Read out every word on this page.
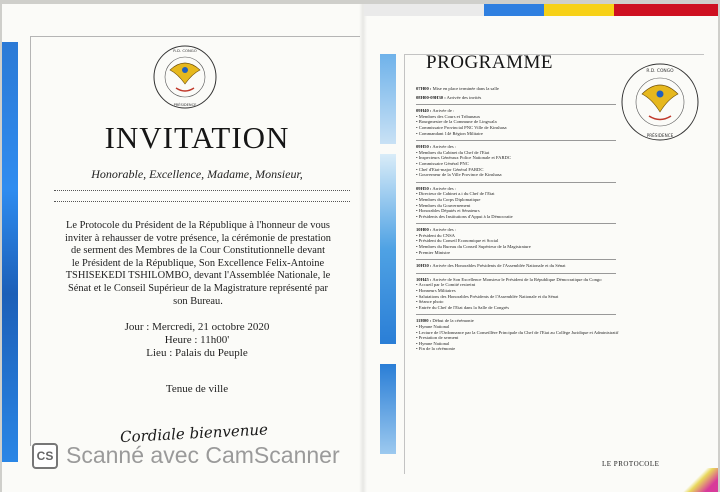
R.D. CONGO
PRÉSIDENCE
INVITATION
Honorable, Excellence, Madame, Monsieur,
Le Protocole du Président de la République à l'honneur de vous
inviter à rehausser de votre présence, la cérémonie de prestation
de serment des Membres de la Cour Constitutionnelle devant
le Président de la République, Son Excellence Felix-Antoine
TSHISEKEDI TSHILOMBO, devant l'Assemblée Nationale, le
Sénat et le Conseil Supérieur de la Magistrature représenté par
son Bureau.
Jour : Mercredi, 21 octobre 2020
Heure : 11h00'
Lieu : Palais du Peuple
Tenue de ville
Cordiale bienvenue
PROGRAMME	R.D. CONGO
PRÉSIDENCE
07H00 : Mise en place terminée dans la salle
08H00-09H30 : Arrivée des invités
09H40 : Arrivée de :
• Membres des Cours et Tribunaux
• Bourgmestre de la Commune de Lingwala
• Commissaire Provincial PNC Ville de Kinshasa
• Commandant 14è Région Militaire
09H50 : Arrivée des :
• Membres du Cabinet du Chef de l'Etat
• Inspecteurs Généraux Police Nationale et FARDC
• Commissaire Général PNC
• Chef d'Etat-major Général FARDC
• Gouverneur de la Ville Province de Kinshasa
09H50 : Arrivée des :
• Directeur de Cabinet a.i du Chef de l'Etat
• Membres du Corps Diplomatique
• Membres du Gouvernement
• Honorables Députés et Sénateurs
• Présidents des Institutions d'Appui à la Démocratie
10H00 : Arrivée des :
• Président du CNSA
• Président du Conseil Economique et Social
• Membres du Bureau du Conseil Supérieur de la Magistrature
• Premier Ministre
10H30 : Arrivée des Honorables Présidents de l'Assemblée Nationale et du Sénat
10H45 : Arrivée de Son Excellence Monsieur le Président de la République Démocratique du Congo
• Accueil par le Comité restreint
• Honneurs Militaires
• Salutations des Honorables Présidents de l'Assemblée Nationale et du Sénat
• Séance photo
• Entrée du Chef de l'Etat dans la Salle de Congrès
11H00 : Début de la cérémonie
• Hymne National
• Lecture de l'Ordonnance par la Conseillère Principale du Chef de l'Etat au Collège Juridique et Administratif
• Prestation de serment
• Hymne National
• Fin de la cérémonie
LE PROTOCOLE
CS Scanné avec CamScanner
